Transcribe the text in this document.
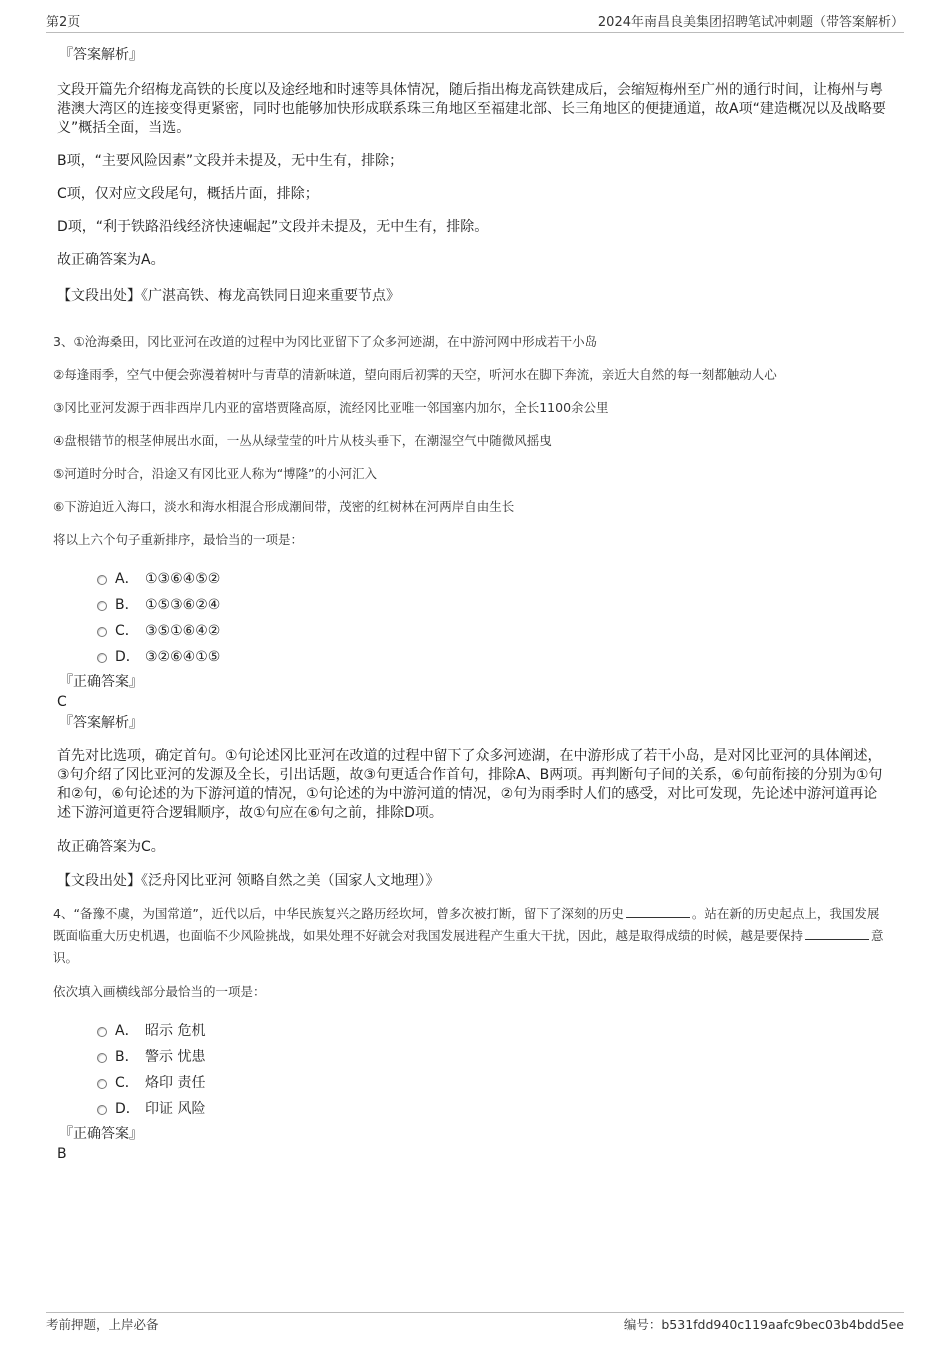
第2页	2024年南昌良美集团招聘笔试冲刺题（带答案解析）
『答案解析』
文段开篇先介绍梅龙高铁的长度以及途经地和时速等具体情况，随后指出梅龙高铁建成后，会缩短梅州至广州的通行时间，让梅州与粤港澳大湾区的连接变得更紧密，同时也能够加快形成联系珠三角地区至福建北部、长三角地区的便捷通道，故A项“建造概况以及战略要义”概括全面，当选。
B项，“主要风险因素”文段并未提及，无中生有，排除；
C项，仅对应文段尾句，概括片面，排除；
D项，“利于铁路沿线经济快速崛起”文段并未提及，无中生有，排除。
故正确答案为A。
【文段出处】《广湛高铁、梅龙高铁同日迎来重要节点》
3、①沧海桑田，冈比亚河在改道的过程中为冈比亚留下了众多河迹湖，在中游河网中形成若干小岛
②每逢雨季，空气中便会弥漫着树叶与青草的清新味道，望向雨后初霁的天空，听河水在脚下奔流，亲近大自然的每一刻都触动人心
③冈比亚河发源于西非西岸几内亚的富塔贾隆高原，流经冈比亚唯一邻国塞内加尔，全长1100余公里
④盘根错节的根茎伸展出水面，一丛从绿莹莹的叶片从枝头垂下，在潮湿空气中随微风摇曳
⑤河道时分时合，沿途又有冈比亚人称为“博隆”的小河汇入
⑥下游迫近入海口，淡水和海水相混合形成潮间带，茂密的红树林在河两岸自由生长
将以上六个句子重新排序，最恰当的一项是：
A． ①③⑥④⑤②
B． ①⑤③⑥②④
C． ③⑤①⑥④②
D． ③②⑥④①⑤
『正确答案』
C
『答案解析』
首先对比选项，确定首句。①句论述冈比亚河在改道的过程中留下了众多河迹湖，在中游形成了若干小岛，是对冈比亚河的具体阐述，③句介绍了冈比亚河的发源及全长，引出话题，故③句更适合作首句，排除A、B两项。再判断句子间的关系，⑥句前衔接的分别为①句和②句，⑥句论述的为下游河道的情况，①句论述的为中游河道的情况，②句为雨季时人们的感受，对比可发现，先论述中游河道再论述下游河道更符合逻辑顺序，故①句应在⑥句之前，排除D项。
故正确答案为C。
【文段出处】《泛舟冈比亚河 领略自然之美（国家人文地理）》
4、“备豫不虞，为国常道”，近代以后，中华民族复兴之路历经坎坷，曾多次被打断，留下了深刻的历史	。站在新的历史起点上，我国发展既面临重大历史机遇，也面临不少风险挑战，如果处理不好就会对我国发展进程产生重大干扰，因此，越是取得成绩的时候，越是要保持	意识。
依次填入画横线部分最恰当的一项是：
A． 昭示 危机
B． 警示 忧患
C． 烙印 责任
D． 印证 风险
『正确答案』
B
考前押题，上岸必备	编号：b531fdd940c119aafc9bec03b4bdd5ee
